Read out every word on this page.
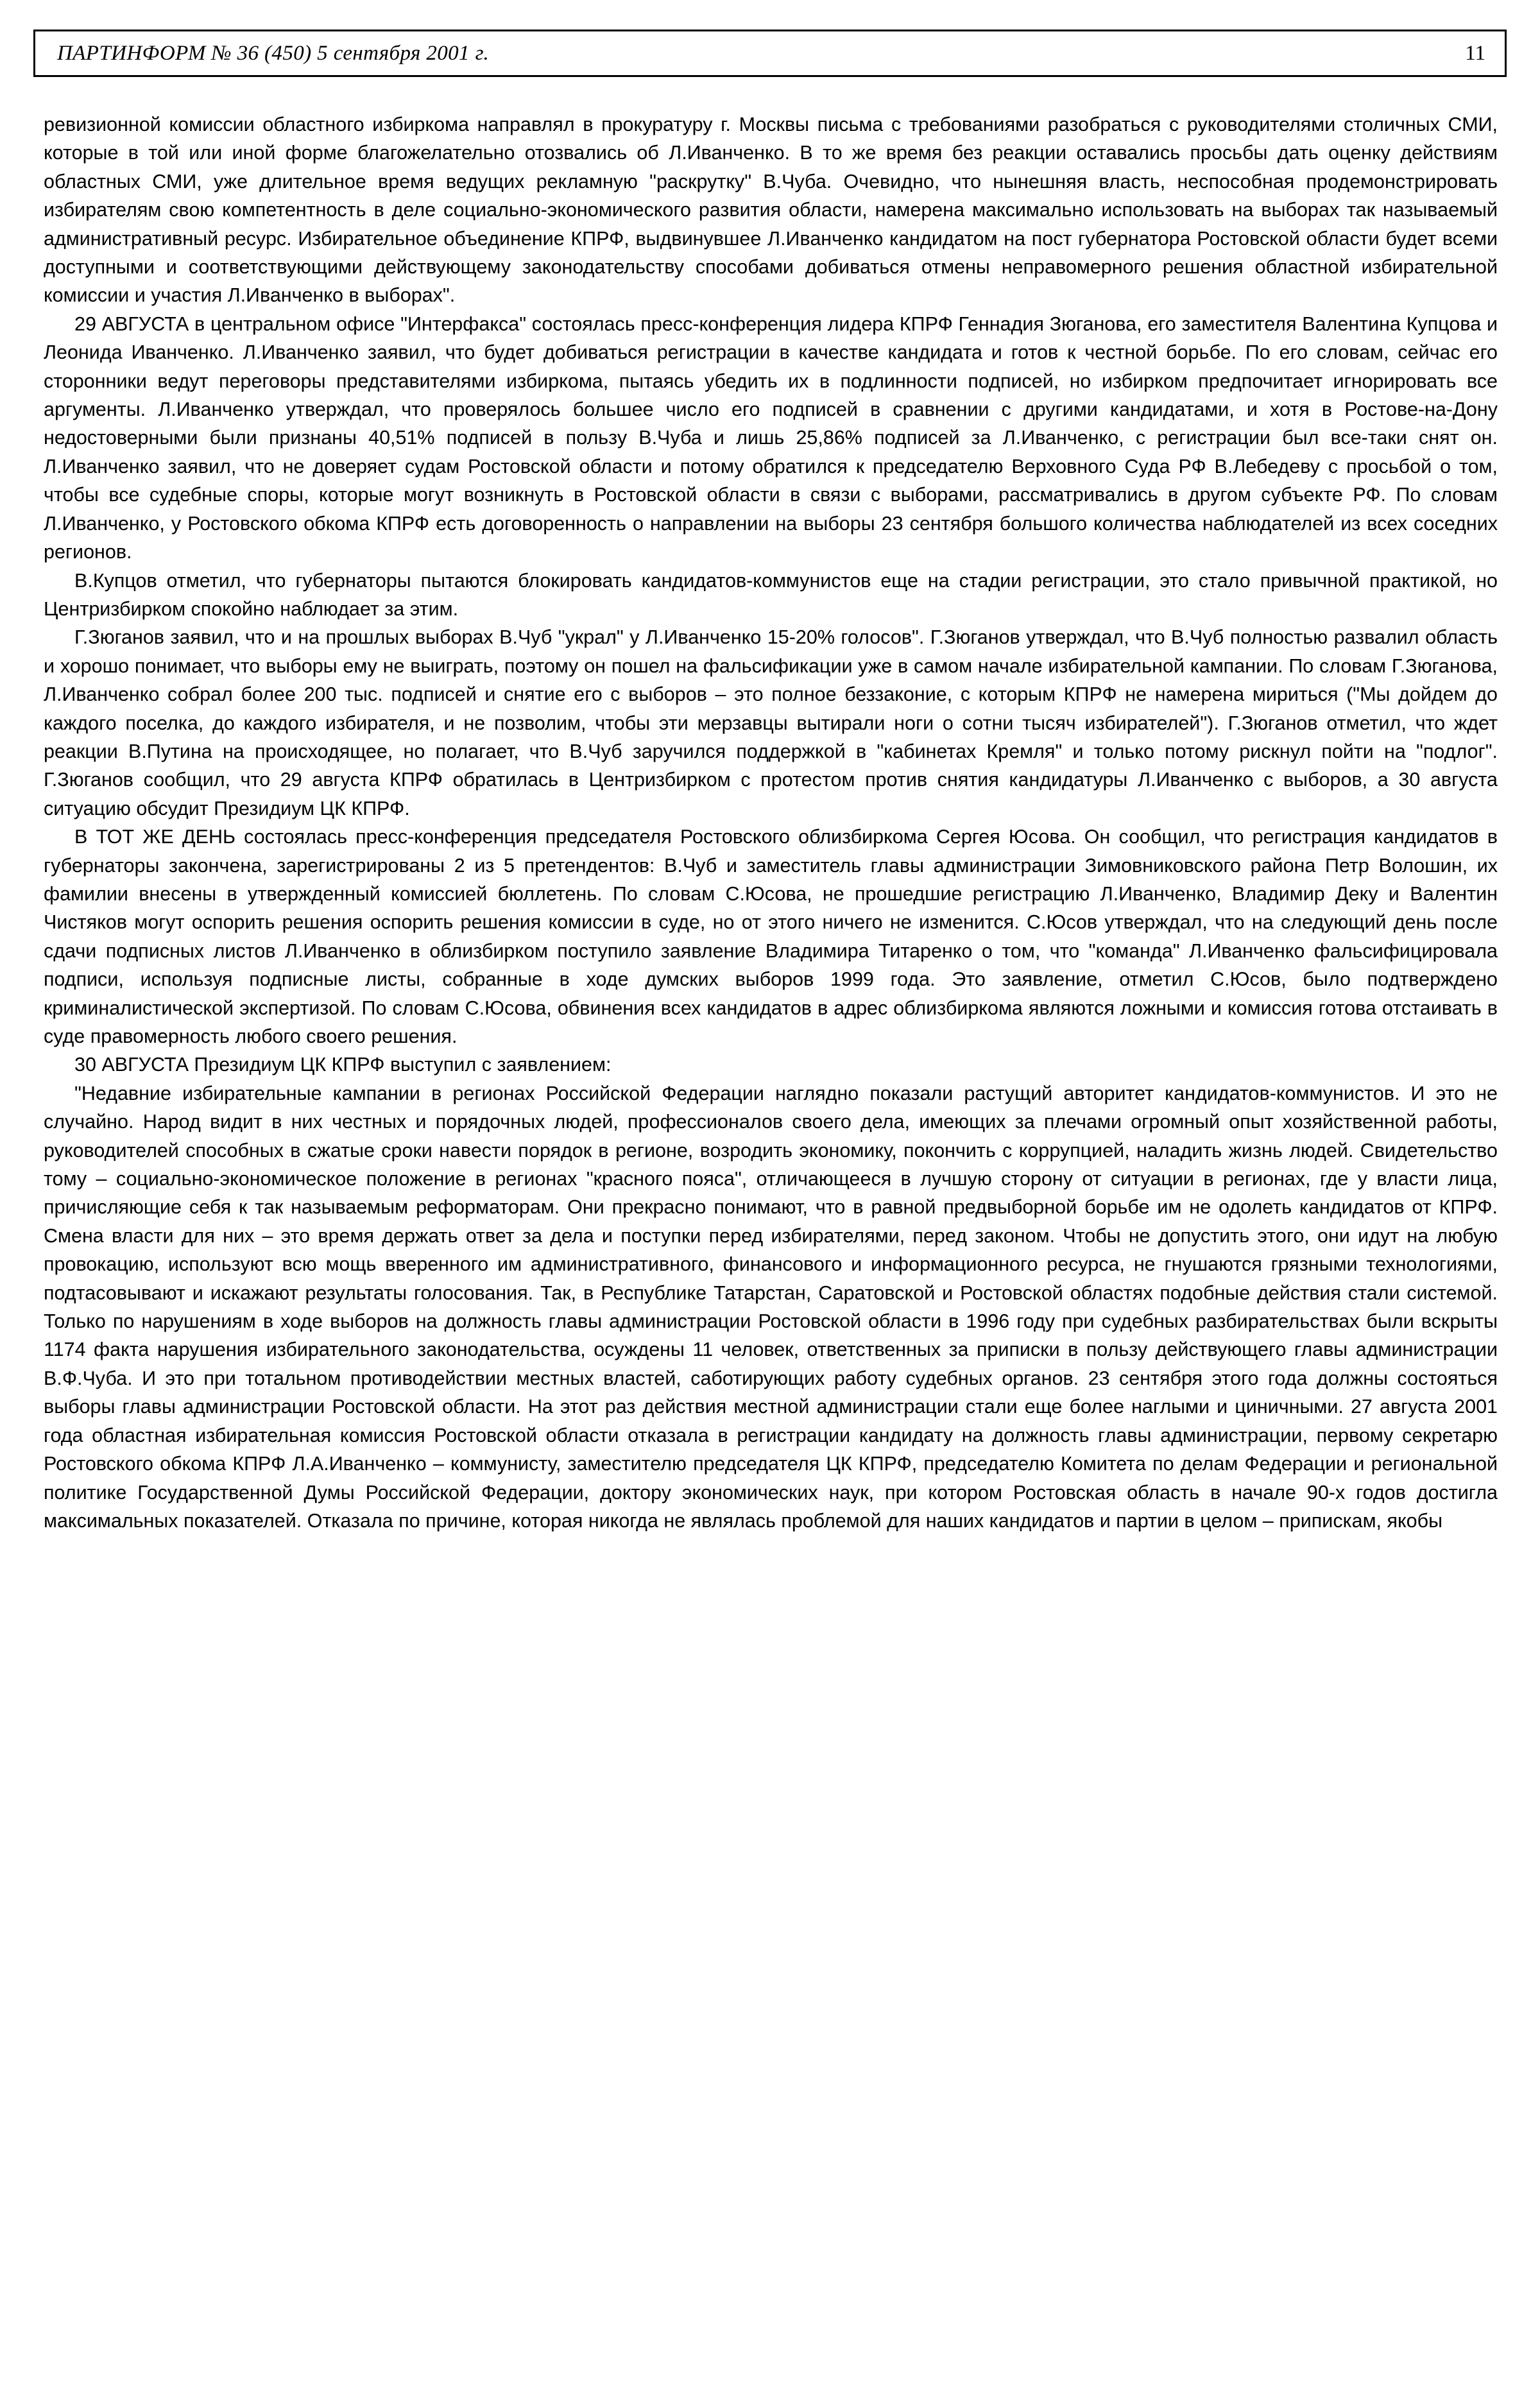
ПАРТИНФОРМ № 36 (450) 5 сентября 2001 г.	11

ревизионной комиссии областного избиркома направлял в прокуратуру г. Москвы письма с требованиями разобраться с руководителями столичных СМИ, которые в той или иной форме благожелательно отозвались об Л.Иванченко. В то же время без реакции оставались просьбы дать оценку действиям областных СМИ, уже длительное время ведущих рекламную "раскрутку" В.Чуба. Очевидно, что нынешняя власть, неспособная продемонстрировать избирателям свою компетентность в деле социально-экономического развития области, намерена максимально использовать на выборах так называемый административный ресурс. Избирательное объединение КПРФ, выдвинувшее Л.Иванченко кандидатом на пост губернатора Ростовской области будет всеми доступными и соответствующими действующему законодательству способами добиваться отмены неправомерного решения областной избирательной комиссии и участия Л.Иванченко в выборах".

29 АВГУСТА в центральном офисе "Интерфакса" состоялась пресс-конференция лидера КПРФ Геннадия Зюганова, его заместителя Валентина Купцова и Леонида Иванченко. Л.Иванченко заявил, что будет добиваться регистрации в качестве кандидата и готов к честной борьбе. По его словам, сейчас его сторонники ведут переговоры представителями избиркома, пытаясь убедить их в подлинности подписей, но избирком предпочитает игнорировать все аргументы. Л.Иванченко утверждал, что проверялось большее число его подписей в сравнении с другими кандидатами, и хотя в Ростове-на-Дону недостоверными были признаны 40,51% подписей в пользу В.Чуба и лишь 25,86% подписей за Л.Иванченко, с регистрации был все-таки снят он. Л.Иванченко заявил, что не доверяет судам Ростовской области и потому обратился к председателю Верховного Суда РФ В.Лебедеву с просьбой о том, чтобы все судебные споры, которые могут возникнуть в Ростовской области в связи с выборами, рассматривались в другом субъекте РФ. По словам Л.Иванченко, у Ростовского обкома КПРФ есть договоренность о направлении на выборы 23 сентября большого количества наблюдателей из всех соседних регионов.

В.Купцов отметил, что губернаторы пытаются блокировать кандидатов-коммунистов еще на стадии регистрации, это стало привычной практикой, но Центризбирком спокойно наблюдает за этим.

Г.Зюганов заявил, что и на прошлых выборах В.Чуб "украл" у Л.Иванченко 15-20% голосов". Г.Зюганов утверждал, что В.Чуб полностью развалил область и хорошо понимает, что выборы ему не выиграть, поэтому он пошел на фальсификации уже в самом начале избирательной кампании. По словам Г.Зюганова, Л.Иванченко собрал более 200 тыс. подписей и снятие его с выборов – это полное беззаконие, с которым КПРФ не намерена мириться ("Мы дойдем до каждого поселка, до каждого избирателя, и не позволим, чтобы эти мерзавцы вытирали ноги о сотни тысяч избирателей"). Г.Зюганов отметил, что ждет реакции В.Путина на происходящее, но полагает, что В.Чуб заручился поддержкой в "кабинетах Кремля" и только потому рискнул пойти на "подлог". Г.Зюганов сообщил, что 29 августа КПРФ обратилась в Центризбирком с протестом против снятия кандидатуры Л.Иванченко с выборов, а 30 августа ситуацию обсудит Президиум ЦК КПРФ.

В ТОТ ЖЕ ДЕНЬ состоялась пресс-конференция председателя Ростовского облизбиркома Сергея Юсова. Он сообщил, что регистрация кандидатов в губернаторы закончена, зарегистрированы 2 из 5 претендентов: В.Чуб и заместитель главы администрации Зимовниковского района Петр Волошин, их фамилии внесены в утвержденный комиссией бюллетень. По словам С.Юсова, не прошедшие регистрацию Л.Иванченко, Владимир Деку и Валентин Чистяков могут оспорить решения оспорить решения комиссии в суде, но от этого ничего не изменится. С.Юсов утверждал, что на следующий день после сдачи подписных листов Л.Иванченко в облизбирком поступило заявление Владимира Титаренко о том, что "команда" Л.Иванченко фальсифицировала подписи, используя подписные листы, собранные в ходе думских выборов 1999 года. Это заявление, отметил С.Юсов, было подтверждено криминалистической экспертизой. По словам С.Юсова, обвинения всех кандидатов в адрес облизбиркома являются ложными и комиссия готова отстаивать в суде правомерность любого своего решения.

30 АВГУСТА Президиум ЦК КПРФ выступил с заявлением:

"Недавние избирательные кампании в регионах Российской Федерации наглядно показали растущий авторитет кандидатов-коммунистов. И это не случайно. Народ видит в них честных и порядочных людей, профессионалов своего дела, имеющих за плечами огромный опыт хозяйственной работы, руководителей способных в сжатые сроки навести порядок в регионе, возродить экономику, покончить с коррупцией, наладить жизнь людей. Свидетельство тому – социально-экономическое положение в регионах "красного пояса", отличающееся в лучшую сторону от ситуации в регионах, где у власти лица, причисляющие себя к так называемым реформаторам. Они прекрасно понимают, что в равной предвыборной борьбе им не одолеть кандидатов от КПРФ. Смена власти для них – это время держать ответ за дела и поступки перед избирателями, перед законом. Чтобы не допустить этого, они идут на любую провокацию, используют всю мощь вверенного им административного, финансового и информационного ресурса, не гнушаются грязными технологиями, подтасовывают и искажают результаты голосования. Так, в Республике Татарстан, Саратовской и Ростовской областях подобные действия стали системой. Только по нарушениям в ходе выборов на должность главы администрации Ростовской области в 1996 году при судебных разбирательствах были вскрыты 1174 факта нарушения избирательного законодательства, осуждены 11 человек, ответственных за приписки в пользу действующего главы администрации В.Ф.Чуба. И это при тотальном противодействии местных властей, саботирующих работу судебных органов. 23 сентября этого года должны состояться выборы главы администрации Ростовской области. На этот раз действия местной администрации стали еще более наглыми и циничными. 27 августа 2001 года областная избирательная комиссия Ростовской области отказала в регистрации кандидату на должность главы администрации, первому секретарю Ростовского обкома КПРФ Л.А.Иванченко – коммунисту, заместителю председателя ЦК КПРФ, председателю Комитета по делам Федерации и региональной политике Государственной Думы Российской Федерации, доктору экономических наук, при котором Ростовская область в начале 90-х годов достигла максимальных показателей. Отказала по причине, которая никогда не являлась проблемой для наших кандидатов и партии в целом – припискам, якобы
